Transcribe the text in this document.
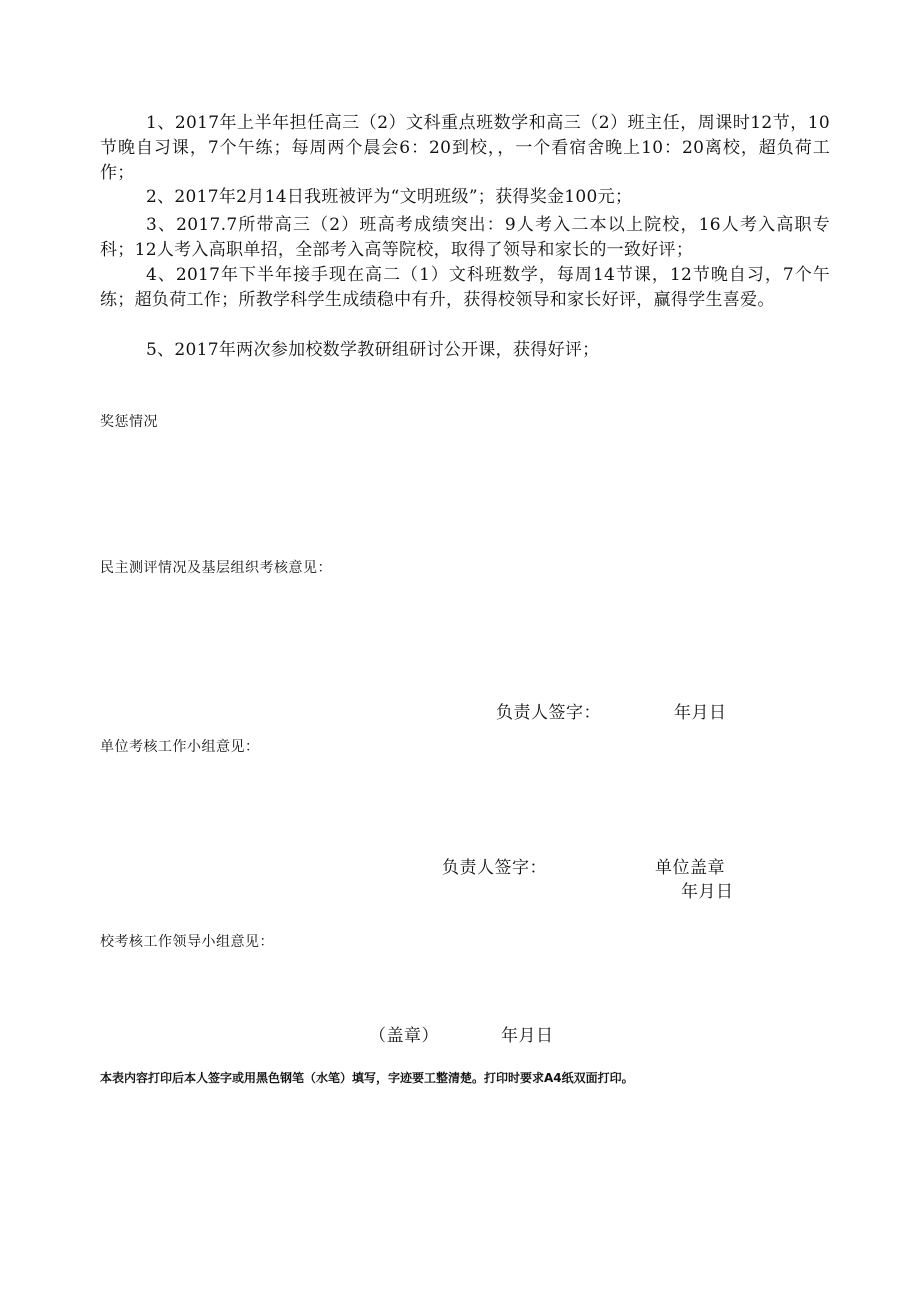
1、2017年上半年担任高三（2）文科重点班数学和高三（2）班主任，周课时12节，10节晚自习课，7个午练；每周两个晨会6：20到校，，一个看宿舍晚上10：20离校，超负荷工作；

2、2017年2月14日我班被评为“文明班级”；获得奖金100元；

3、2017.7所带高三（2）班高考成绩突出：9人考入二本以上院校，16人考入高职专科；12人考入高职单招，全部考入高等院校，取得了领导和家长的一致好评；

4、2017年下半年接手现在高二（1）文科班数学，每周14节课，12节晚自习，7个午练；超负荷工作；所教学科学生成绩稳中有升，获得校领导和家长好评，赢得学生喜爱。

5、2017年两次参加校数学教研组研讨公开课，获得好评；

奖惩情况

民主测评情况及基层组织考核意见：

负责人签字：	年月日

单位考核工作小组意见：

负责人签字：	单位盖章

年月日

校考核工作领导小组意见：

（盖章）	年月日

本表内容打印后本人签字或用黑色钢笔（水笔）填写，字迹要工整清楚。打印时要求A4纸双面打印。
